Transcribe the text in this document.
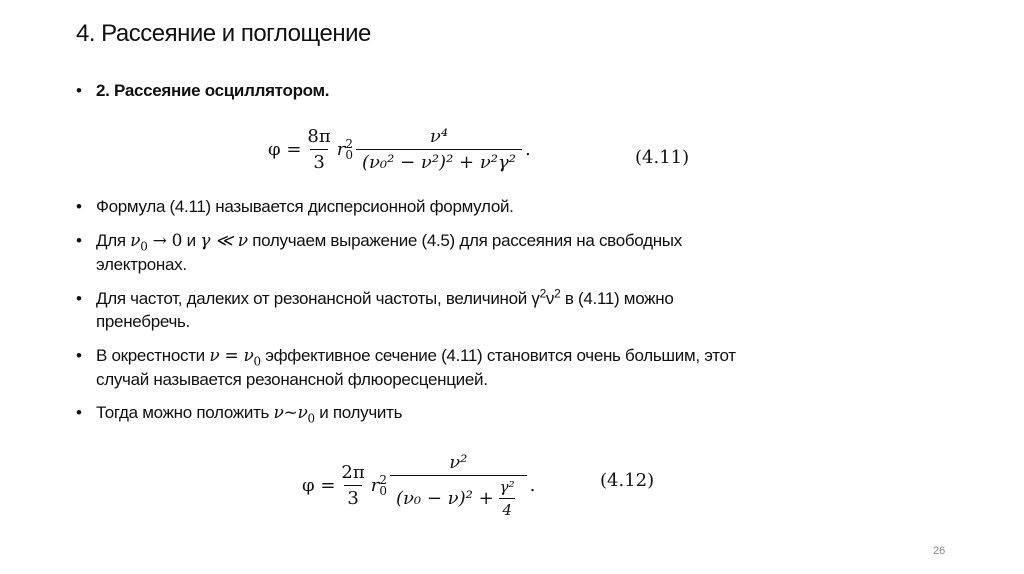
4. Рассеяние и поглощение
• 2. Рассеяние осциллятором.
$\varphi = \frac{8\pi}{3}$ r 2
$0 \frac{\text{ν⁴}}{\text{(ν₀² − ν²)² + ν²γ²}}$ .	(4.11)
• Формула (4.11) называется дисперсионной формулой.
• Для $\nu_0 \to 0$ и γ ≪ ν получаем выражение (4.5) для рассеяния на свободных
электронах.
• Для частот, далеких от резонансной частоты, величиной $\gamma^2\nu^2$ в (4.11) можно
пренебречь.
• В окрестности $\nu = \nu_0$ эффективное сечение (4.11) становится очень большим, этот
случай называется резонансной флюоресценцией.
• Тогда можно положить $\nu\sim\nu_0$ и получить
$\varphi = \frac{2\pi}{3}$ r 2
$0 \frac{\text{ν²}}{(\nu_0 - \nu)^2 + \frac{\text{γ²}}{4}}$ .	(4.12)
26
